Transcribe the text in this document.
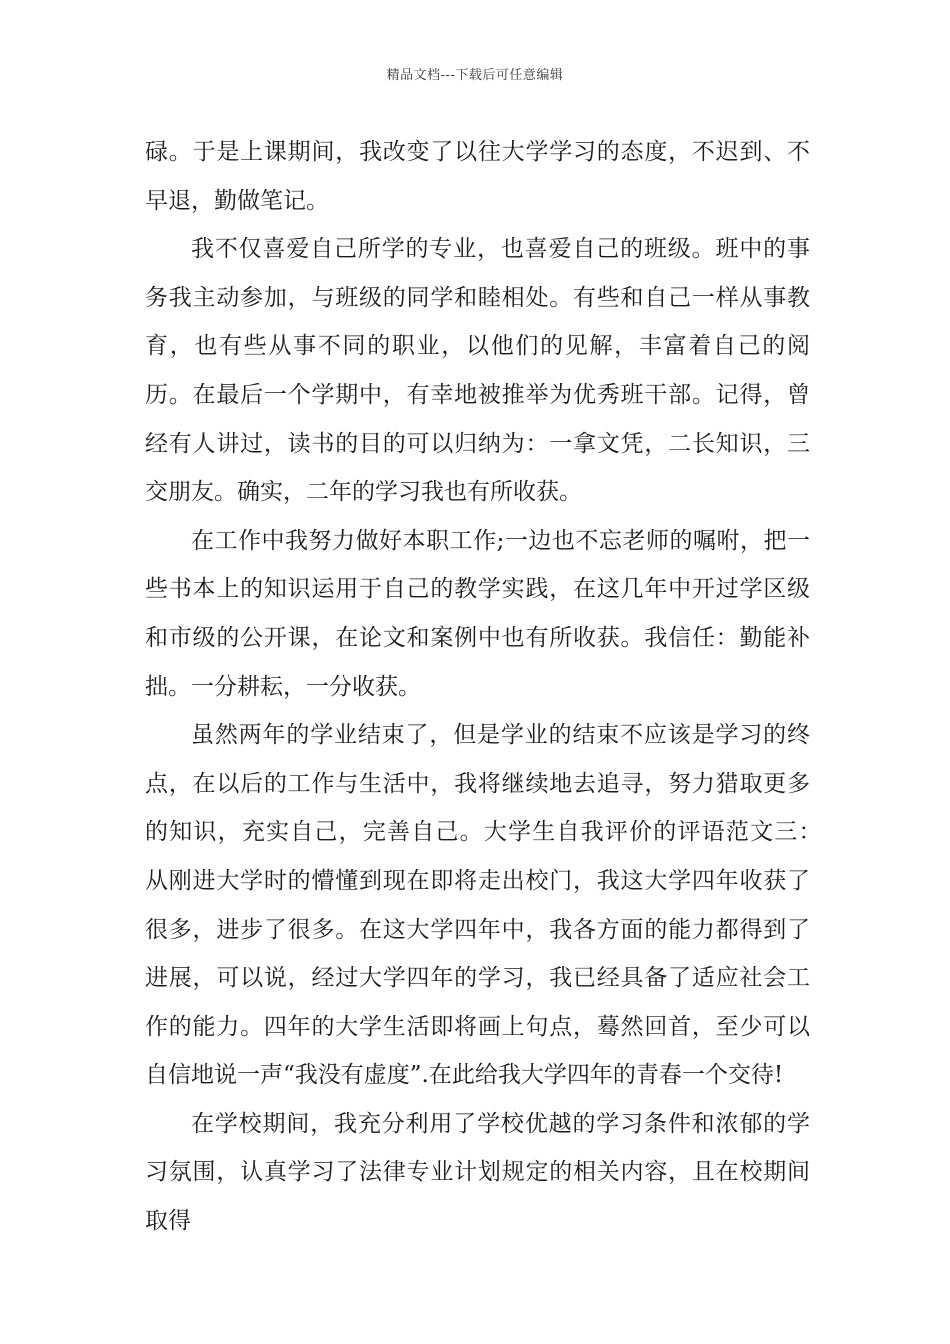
精品文档---下载后可任意编辑

碌。于是上课期间，我改变了以往大学学习的态度，不迟到、不早退，勤做笔记。

我不仅喜爱自己所学的专业，也喜爱自己的班级。班中的事务我主动参加，与班级的同学和睦相处。有些和自己一样从事教育，也有些从事不同的职业，以他们的见解，丰富着自己的阅历。在最后一个学期中，有幸地被推举为优秀班干部。记得，曾经有人讲过，读书的目的可以归纳为：一拿文凭，二长知识，三交朋友。确实，二年的学习我也有所收获。

在工作中我努力做好本职工作;一边也不忘老师的嘱咐，把一些书本上的知识运用于自己的教学实践，在这几年中开过学区级和市级的公开课，在论文和案例中也有所收获。我信任：勤能补拙。一分耕耘，一分收获。

虽然两年的学业结束了，但是学业的结束不应该是学习的终点，在以后的工作与生活中，我将继续地去追寻，努力猎取更多的知识，充实自己，完善自己。大学生自我评价的评语范文三：　　从刚进大学时的懵懂到现在即将走出校门，我这大学四年收获了很多，进步了很多。在这大学四年中，我各方面的能力都得到了进展，可以说，经过大学四年的学习，我已经具备了适应社会工作的能力。四年的大学生活即将画上句点，蓦然回首，至少可以自信地说一声“我没有虚度”.在此给我大学四年的青春一个交待!

在学校期间，我充分利用了学校优越的学习条件和浓郁的学习氛围，认真学习了法律专业计划规定的相关内容，且在校期间取得
